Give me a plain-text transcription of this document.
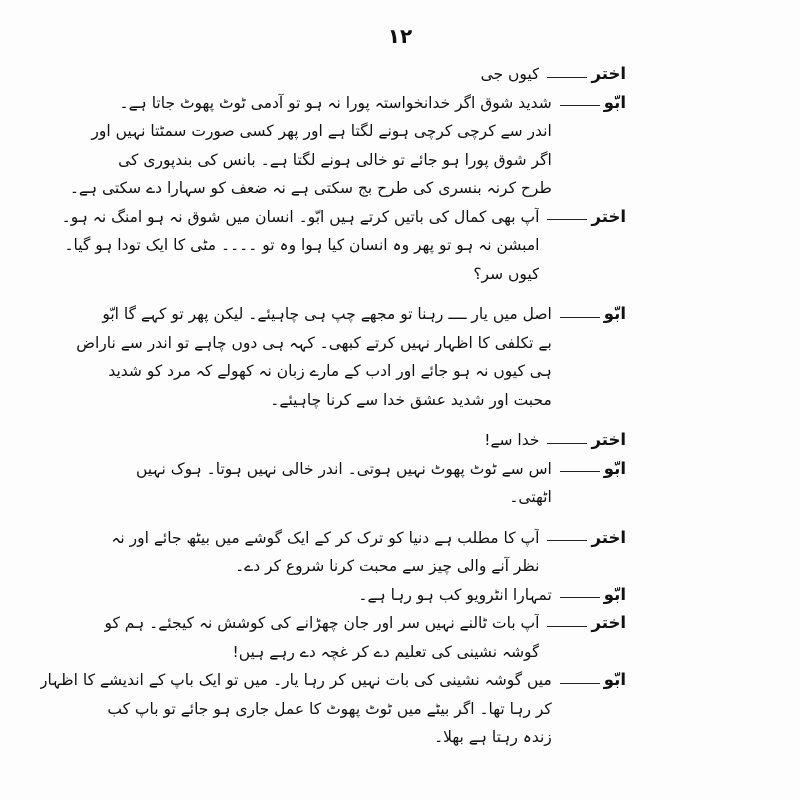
۱۲
اختر
کیوں جی
ابّو
شدید شوق اگر خدانخواستہ پورا نہ ہو تو آدمی ٹوٹ پھوٹ جاتا ہے۔
اندر سے کرچی کرچی ہونے لگتا ہے اور پھر کسی صورت سمٹتا نہیں اور
اگر شوق پورا ہو جائے تو خالی ہونے لگتا ہے۔ بانس کی بندپوری کی
طرح کرنہ بنسری کی طرح بج سکتی ہے نہ ضعف کو سہارا دے سکتی ہے۔
اختر
آپ بھی کمال کی باتیں کرتے ہیں ابّو۔ انسان میں شوق نہ ہو امنگ نہ ہو۔
امبشن نہ ہو تو پھر وہ انسان کیا ہوا وہ تو ۔۔۔۔ مٹی کا ایک تودا ہو گیا۔
کیوں سر؟
ابّو
اصل میں یار ــــ رہنا تو مجھے چپ ہی چاہیئے۔ لیکن پھر تو کہے گا ابّو
بے تکلفی کا اظہار نہیں کرتے کبھی۔ کہہ ہی دوں چاہے تو اندر سے ناراض
ہی کیوں نہ ہو جائے اور ادب کے مارے زبان نہ کھولے کہ مرد کو شدید
محبت اور شدید عشق خدا سے کرنا چاہیئے۔
اختر
خدا سے!
ابّو
اس سے ٹوٹ پھوٹ نہیں ہوتی۔ اندر خالی نہیں ہوتا۔ ہوک نہیں
اٹھتی۔
اختر
آپ کا مطلب ہے دنیا کو ترک کر کے ایک گوشے میں بیٹھ جائے اور نہ
نظر آنے والی چیز سے محبت کرنا شروع کر دے۔
ابّو
تمہارا انٹرویو کب ہو رہا ہے۔
اختر
آپ بات ٹالنے نہیں سر اور جان چھڑانے کی کوشش نہ کیجئے۔ ہم کو
گوشہ نشینی کی تعلیم دے کر غچہ دے رہے ہیں!
ابّو
میں گوشہ نشینی کی بات نہیں کر رہا یار۔ میں تو ایک باپ کے اندیشے کا اظہار
کر رہا تھا۔ اگر بیٹے میں ٹوٹ پھوٹ کا عمل جاری ہو جائے تو باپ کب
زندہ رہتا ہے بھلا۔
